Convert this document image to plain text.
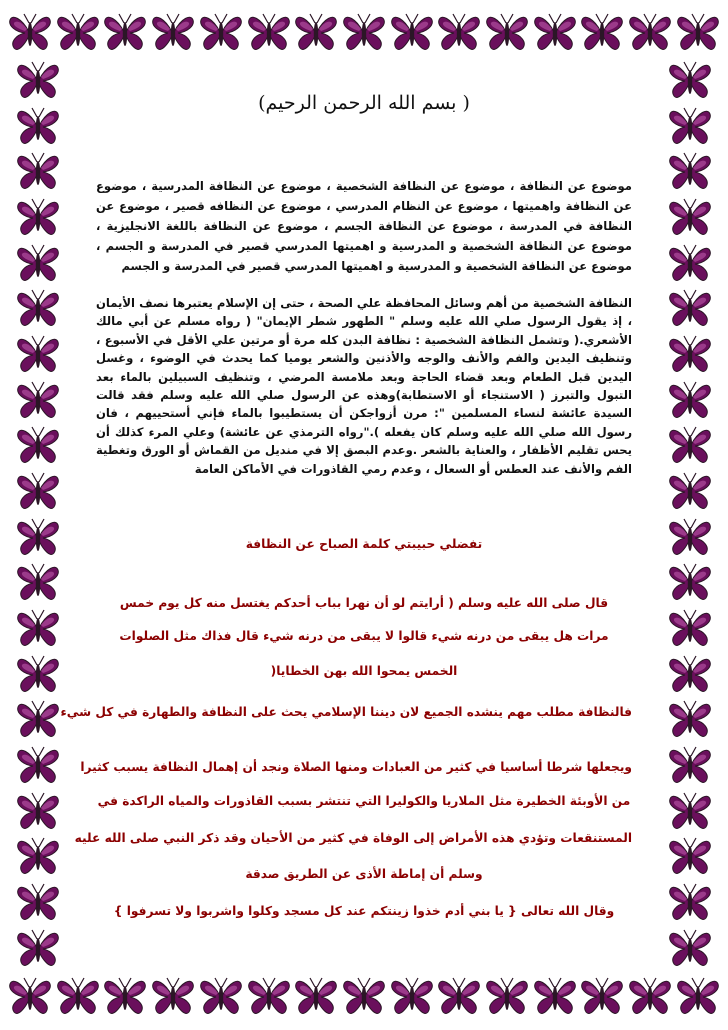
( بسم الله الرحمن الرحيم)
موضوع عن النظافة ، موضوع عن النظافة الشخصية ، موضوع عن النظافة المدرسية ، موضوع عن النظافة واهميتها ، موضوع عن النظام المدرسي ، موضوع عن النظافه قصير ، موضوع عن النظافة في المدرسة ، موضوع عن النظافة الجسم ، موضوع عن النظافة باللغة الانجليزية ، موضوع عن النظافة الشخصية و المدرسية و اهميتها المدرسي قصير في المدرسة و الجسم ، موضوع عن النظافة الشخصية و المدرسية و اهميتها المدرسي قصير في المدرسة و الجسم
النظافة الشخصية من أهم وسائل المحافظة علي الصحة ، حتى إن الإسلام يعتبرها نصف الأيمان ، إذ يقول الرسول صلي الله عليه وسلم " الطهور شطر الإيمان" ( رواه مسلم عن أبي مالك الأشعري.( وتشمل النظافة الشخصية : نظافة البدن كله مرة أو مرتين علي الأقل في الأسبوع ، وتنظيف اليدين والفم والأنف والوجه والأذنين والشعر يوميا كما يحدث في الوضوء ، وغسل اليدين قبل الطعام وبعد قضاء الحاجة وبعد ملامسة المرضي ، وتنظيف السبيلين بالماء بعد التبول والتبرز ( الاستنجاء أو الاستطابة)وهذه عن الرسول صلي الله عليه وسلم فقد قالت السيدة عائشة لنساء المسلمين ": مرن أزواجكن أن يستطيبوا بالماء فإني أستحييهم ، فان رسول الله صلي الله عليه وسلم كان يفعله )."رواه الترمذي عن عائشة) وعلي المرء كذلك أن يحس تقليم الأظفار ، والعناية بالشعر .وعدم البصق إلا في منديل من القماش أو الورق وتغطية الفم والأنف عند العطس أو السعال ، وعدم رمي القاذورات في الأماكن العامة
تفضلي حبيبتي كلمة الصباح عن النظافة
قال صلى الله عليه وسلم ( أرايتم لو أن نهرا بباب أحدكم يغتسل منه كل يوم خمس
مرات هل يبقى من درنه شيء قالوا لا يبقى من درنه شيء قال فذاك مثل الصلوات
الخمس يمحوا الله بهن الخطايا(
فالنظافة مطلب مهم ينشده الجميع لان ديننا الإسلامي يحث على النظافة والطهارة في كل شيء
ويجعلها شرطا أساسيا في كثير من العبادات ومنها الصلاة ونجد أن إهمال النظافة يسبب كثيرا
من الأوبئة الخطيرة مثل الملاريا والكوليرا التي تنتشر بسبب القاذورات والمياه الراكدة في
المستنقعات وتؤدي هذه الأمراض إلى الوفاة في كثير من الأحيان وقد ذكر النبي صلى الله عليه
وسلم أن إماطة الأذى عن الطريق صدقة
وقال الله تعالى { يا بني أدم خذوا زينتكم عند كل مسجد وكلوا واشربوا ولا تسرفوا }
